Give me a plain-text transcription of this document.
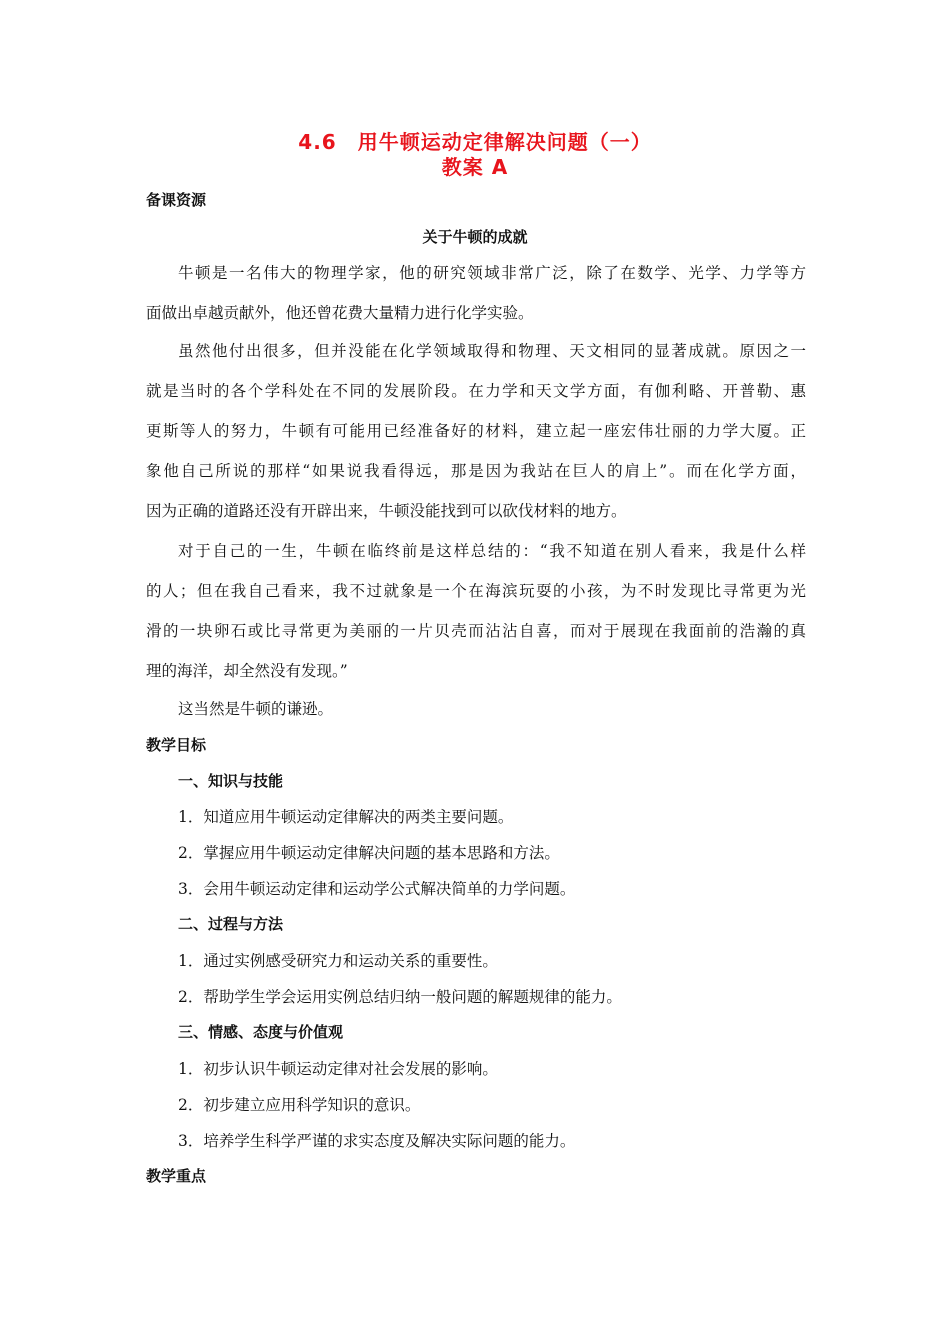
4.6　用牛顿运动定律解决问题（一）
教案 A
备课资源
关于牛顿的成就
牛顿是一名伟大的物理学家，他的研究领域非常广泛，除了在数学、光学、力学等方
面做出卓越贡献外，他还曾花费大量精力进行化学实验。
虽然他付出很多，但并没能在化学领域取得和物理、天文相同的显著成就。原因之一
就是当时的各个学科处在不同的发展阶段。在力学和天文学方面，有伽利略、开普勒、惠
更斯等人的努力，牛顿有可能用已经准备好的材料，建立起一座宏伟壮丽的力学大厦。正
象他自己所说的那样“如果说我看得远，那是因为我站在巨人的肩上”。而在化学方面，
因为正确的道路还没有开辟出来，牛顿没能找到可以砍伐材料的地方。
对于自己的一生，牛顿在临终前是这样总结的：“我不知道在别人看来，我是什么样
的人；但在我自己看来，我不过就象是一个在海滨玩耍的小孩，为不时发现比寻常更为光
滑的一块卵石或比寻常更为美丽的一片贝壳而沾沾自喜，而对于展现在我面前的浩瀚的真
理的海洋，却全然没有发现。”
这当然是牛顿的谦逊。
教学目标
一、知识与技能
1．知道应用牛顿运动定律解决的两类主要问题。
2．掌握应用牛顿运动定律解决问题的基本思路和方法。
3．会用牛顿运动定律和运动学公式解决简单的力学问题。
二、过程与方法
1．通过实例感受研究力和运动关系的重要性。
2．帮助学生学会运用实例总结归纳一般问题的解题规律的能力。
三、情感、态度与价值观
1．初步认识牛顿运动定律对社会发展的影响。
2．初步建立应用科学知识的意识。
3．培养学生科学严谨的求实态度及解决实际问题的能力。
教学重点
